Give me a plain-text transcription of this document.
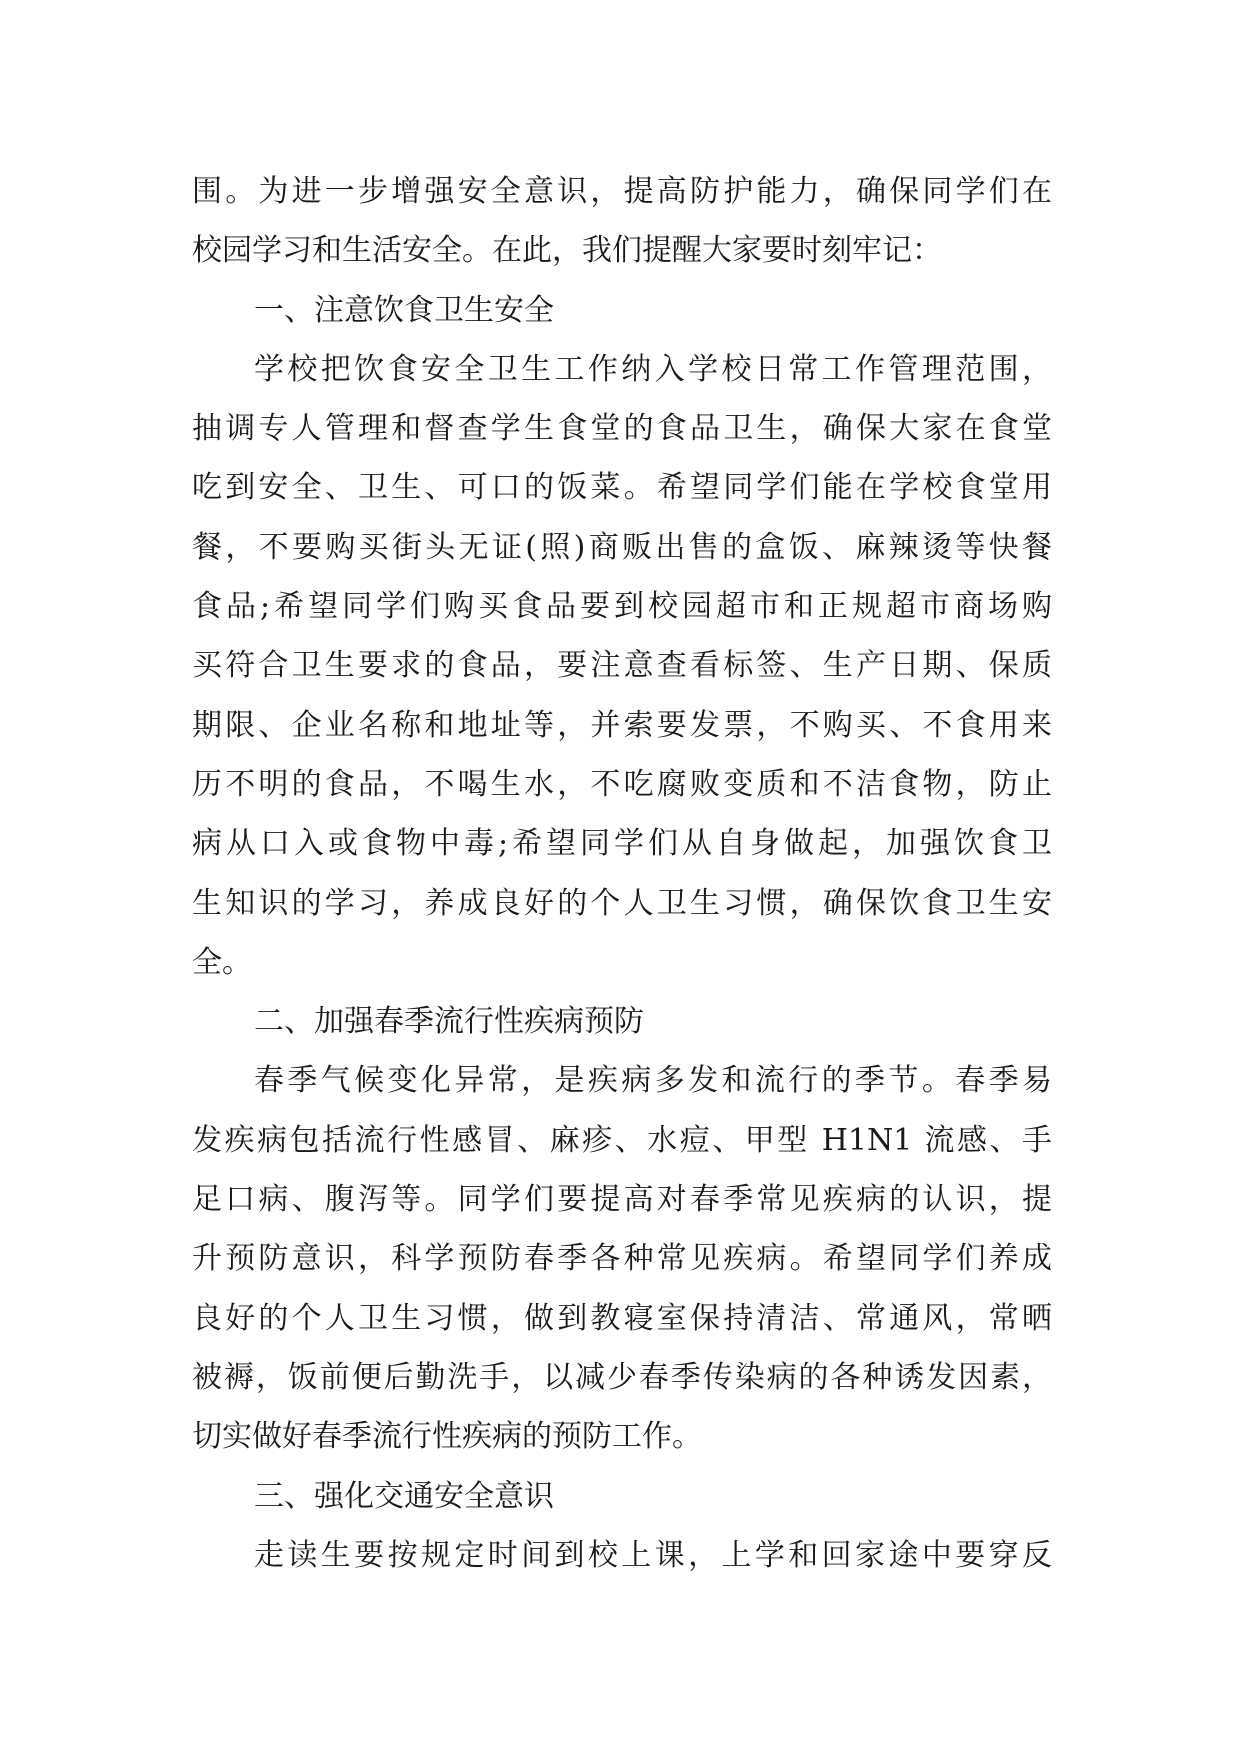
围。为进一步增强安全意识，提高防护能力，确保同学们在
校园学习和生活安全。在此，我们提醒大家要时刻牢记：
一、注意饮食卫生安全
学校把饮食安全卫生工作纳入学校日常工作管理范围，
抽调专人管理和督查学生食堂的食品卫生，确保大家在食堂
吃到安全、卫生、可口的饭菜。希望同学们能在学校食堂用
餐，不要购买街头无证(照)商贩出售的盒饭、麻辣烫等快餐
食品;希望同学们购买食品要到校园超市和正规超市商场购
买符合卫生要求的食品，要注意查看标签、生产日期、保质
期限、企业名称和地址等，并索要发票，不购买、不食用来
历不明的食品，不喝生水，不吃腐败变质和不洁食物，防止
病从口入或食物中毒;希望同学们从自身做起，加强饮食卫
生知识的学习，养成良好的个人卫生习惯，确保饮食卫生安
全。
二、加强春季流行性疾病预防
春季气候变化异常，是疾病多发和流行的季节。春季易
发疾病包括流行性感冒、麻疹、水痘、甲型 H1N1 流感、手
足口病、腹泻等。同学们要提高对春季常见疾病的认识，提
升预防意识，科学预防春季各种常见疾病。希望同学们养成
良好的个人卫生习惯，做到教寝室保持清洁、常通风，常晒
被褥，饭前便后勤洗手，以减少春季传染病的各种诱发因素，
切实做好春季流行性疾病的预防工作。
三、强化交通安全意识
走读生要按规定时间到校上课，上学和回家途中要穿反
